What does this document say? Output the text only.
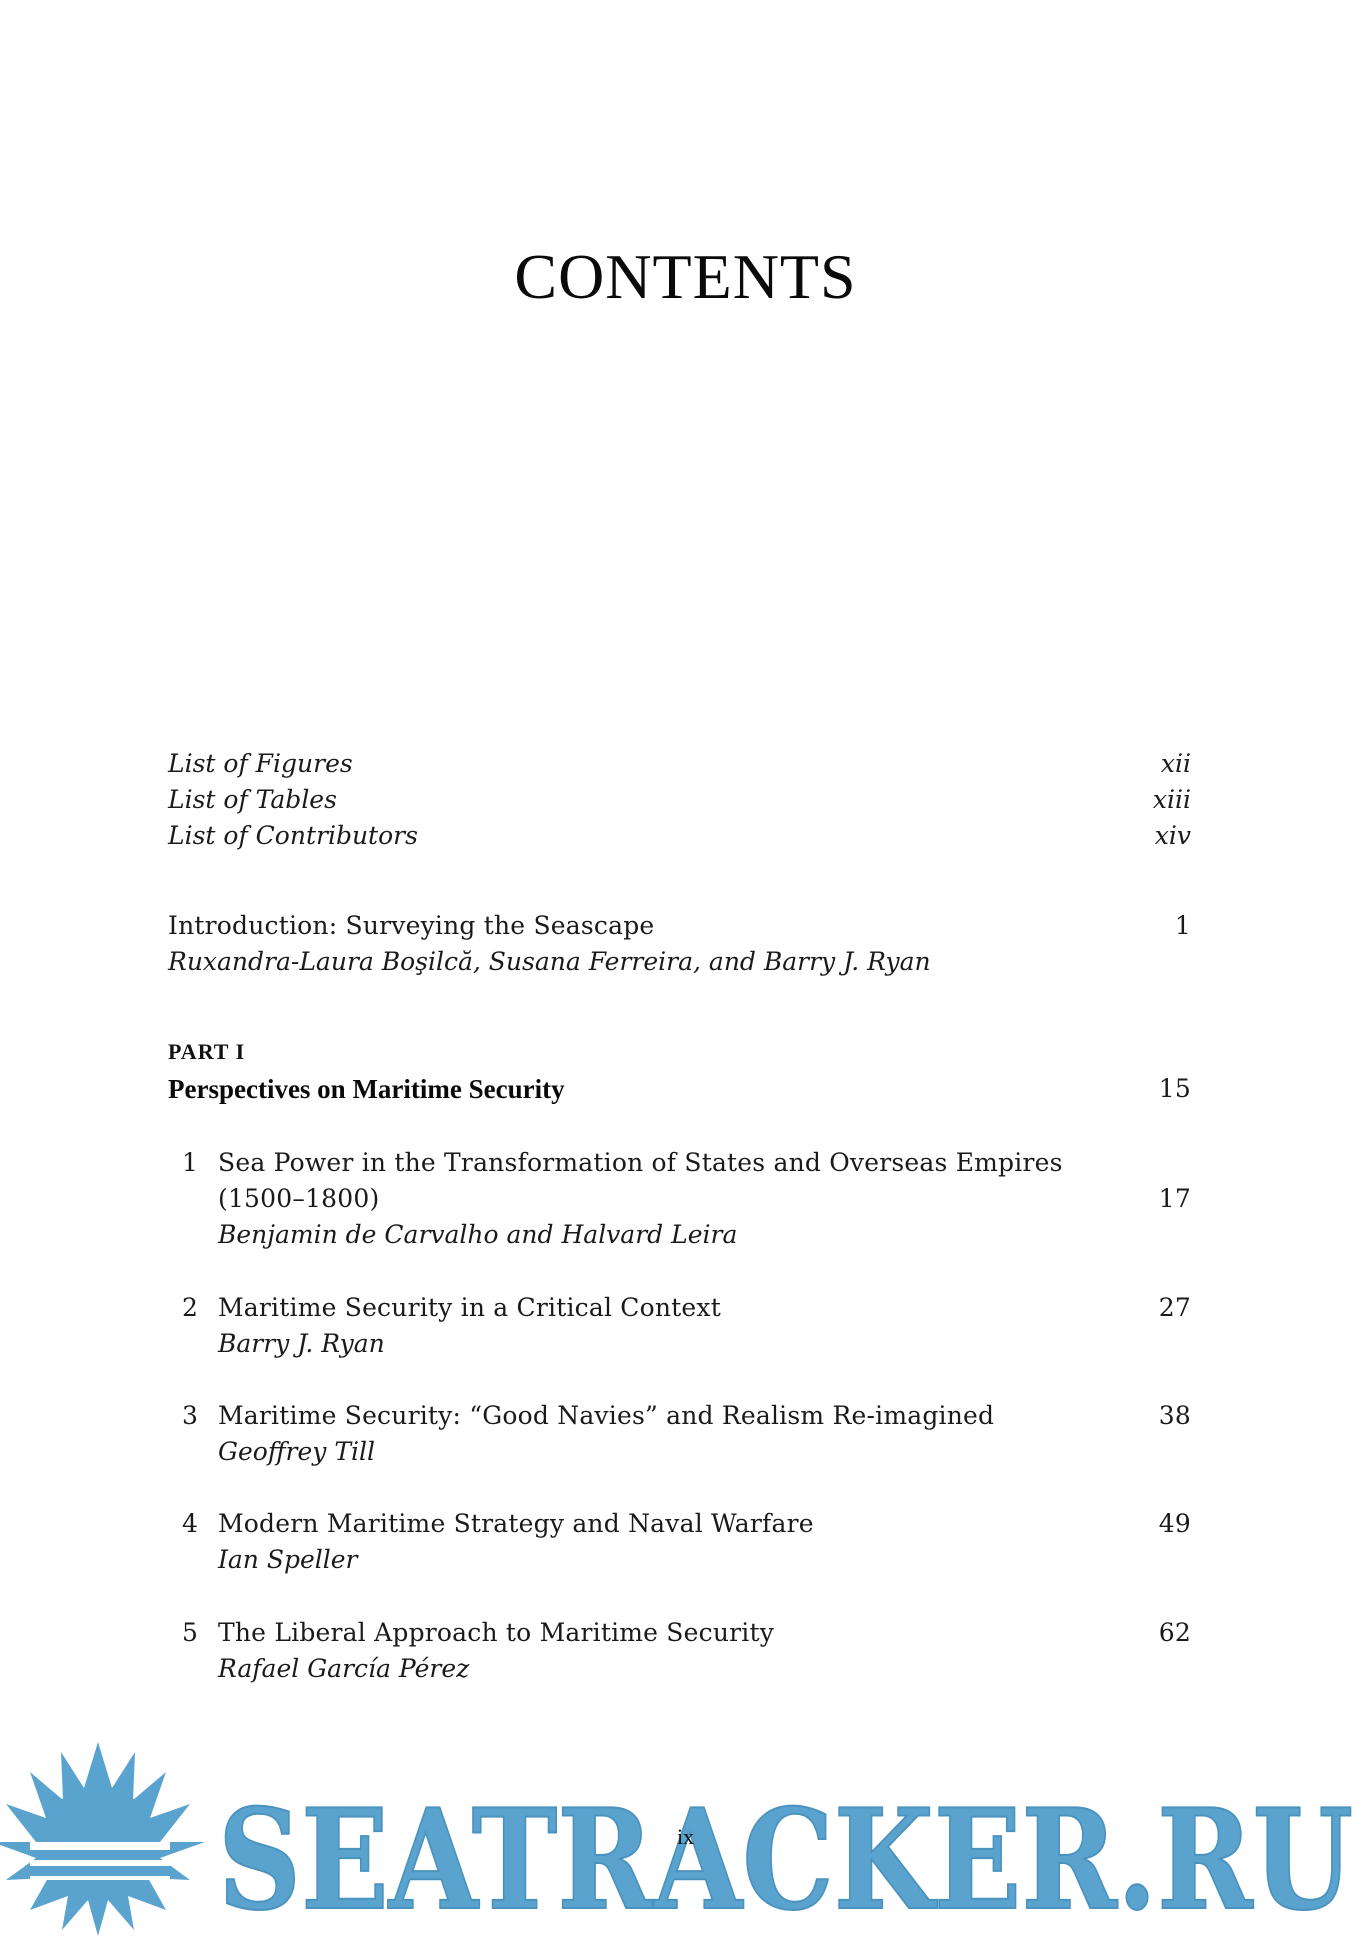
CONTENTS
List of Figures	xii
List of Tables	xiii
List of Contributors	xiv
Introduction: Surveying the Seascape	1
Ruxandra-Laura Boşilcă, Susana Ferreira, and Barry J. Ryan
PART I
Perspectives on Maritime Security	15
1 Sea Power in the Transformation of States and Overseas Empires
(1500–1800)	17
Benjamin de Carvalho and Halvard Leira
2 Maritime Security in a Critical Context	27
Barry J. Ryan
3 Maritime Security: “Good Navies” and Realism Re-imagined	38
Geoffrey Till
4 Modern Maritime Strategy and Naval Warfare	49
Ian Speller
5 The Liberal Approach to Maritime Security	62
Rafael García Pérez
SEATRACKER.RU
ix
